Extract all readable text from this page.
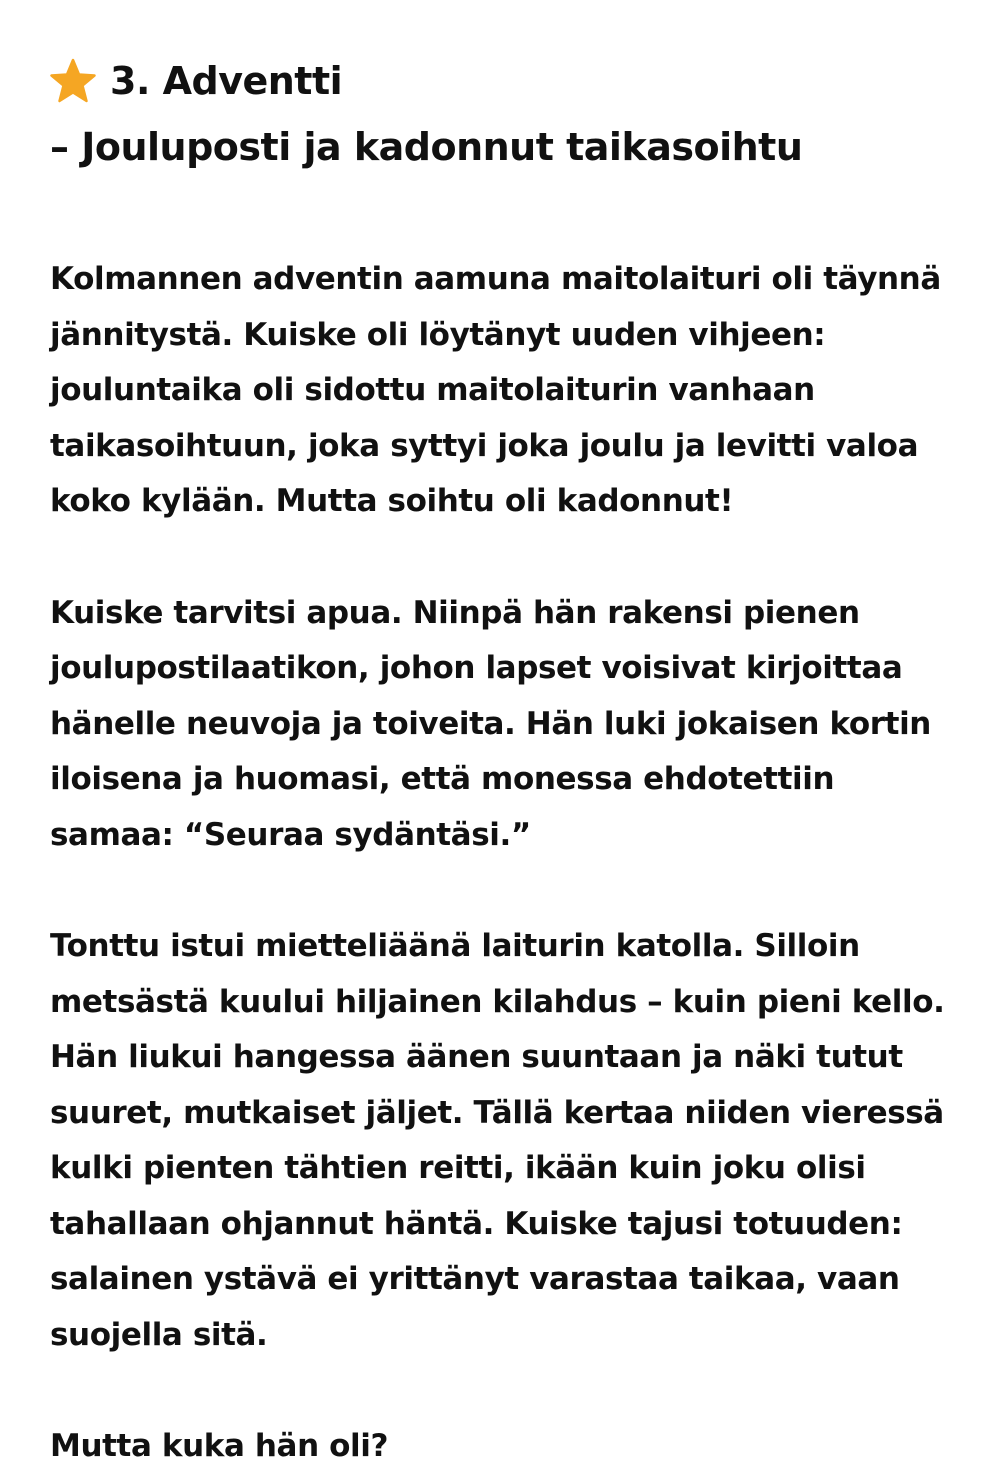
3. Adventti
– Jouluposti ja kadonnut taikasoihtu

Kolmannen adventin aamuna maitolaituri oli täynnä jännitystä. Kuiske oli löytänyt uuden vihjeen: jouluntaika oli sidottu maitolaiturin vanhaan taikasoihtuun, joka syttyi joka joulu ja levitti valoa koko kylään. Mutta soihtu oli kadonnut!

Kuiske tarvitsi apua. Niinpä hän rakensi pienen joulupostilaatikon, johon lapset voisivat kirjoittaa hänelle neuvoja ja toiveita. Hän luki jokaisen kortin iloisena ja huomasi, että monessa ehdotettiin samaa: “Seuraa sydäntäsi.”

Tonttu istui mietteliäänä laiturin katolla. Silloin metsästä kuului hiljainen kilahdus – kuin pieni kello. Hän liukui hangessa äänen suuntaan ja näki tutut suuret, mutkaiset jäljet. Tällä kertaa niiden vieressä kulki pienten tähtien reitti, ikään kuin joku olisi tahallaan ohjannut häntä. Kuiske tajusi totuuden: salainen ystävä ei yrittänyt varastaa taikaa, vaan suojella sitä.

Mutta kuka hän oli?
